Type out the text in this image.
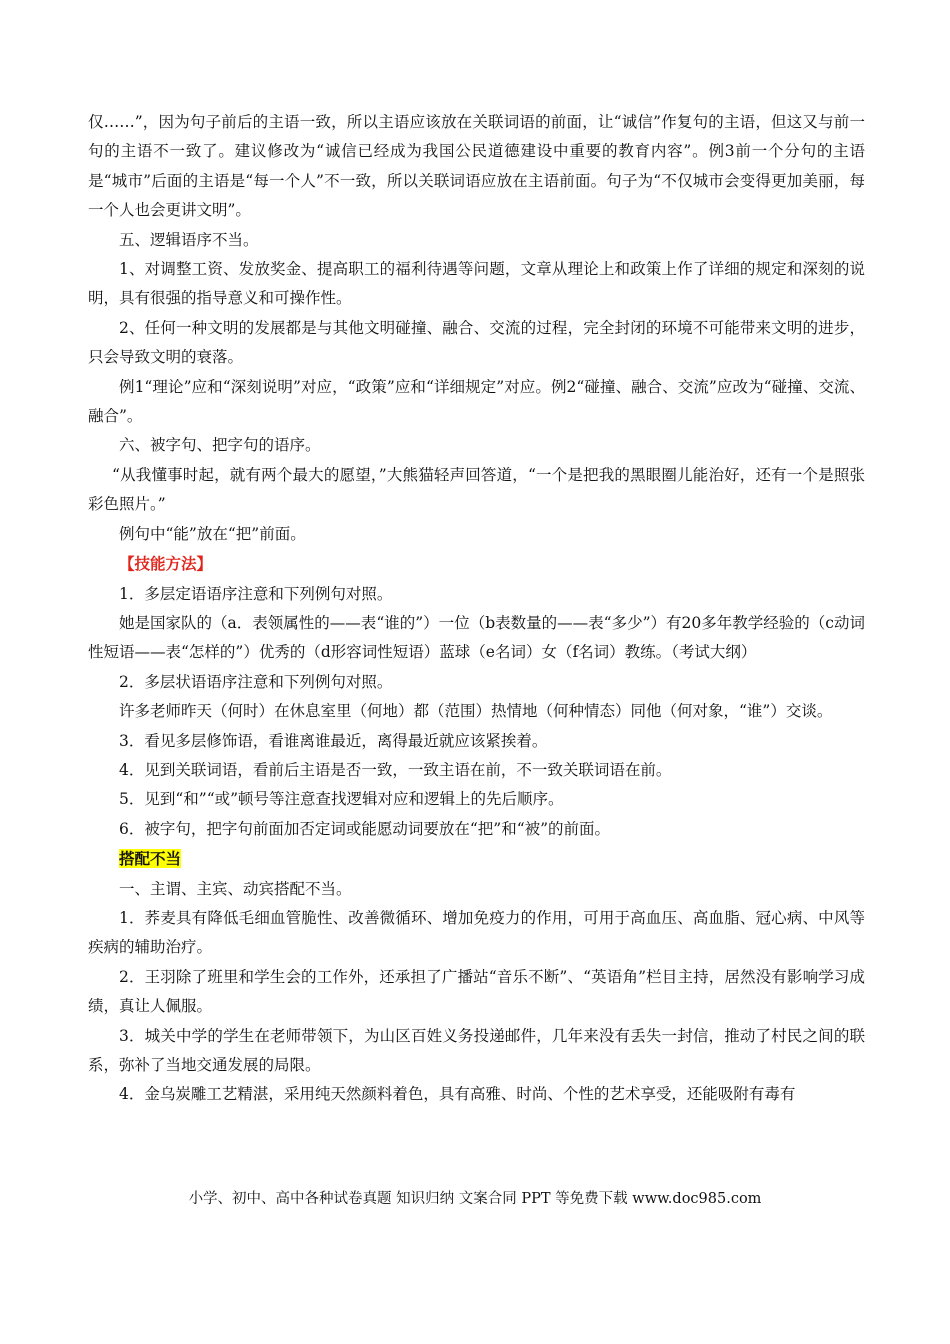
仅……”，因为句子前后的主语一致，所以主语应该放在关联词语的前面，让“诚信”作复句的主语，但这又与前一句的主语不一致了。建议修改为“诚信已经成为我国公民道德建设中重要的教育内容”。例3前一个分句的主语是“城市”后面的主语是“每一个人”不一致，所以关联词语应放在主语前面。句子为“不仅城市会变得更加美丽，每一个人也会更讲文明”。

五、逻辑语序不当。

1、对调整工资、发放奖金、提高职工的福利待遇等问题，文章从理论上和政策上作了详细的规定和深刻的说明，具有很强的指导意义和可操作性。

2、任何一种文明的发展都是与其他文明碰撞、融合、交流的过程，完全封闭的环境不可能带来文明的进步，只会导致文明的衰落。

例1“理论”应和“深刻说明”对应，“政策”应和“详细规定”对应。例2“碰撞、融合、交流”应改为“碰撞、交流、融合”。

六、被字句、把字句的语序。

“从我懂事时起，就有两个最大的愿望，”大熊猫轻声回答道，“一个是把我的黑眼圈儿能治好，还有一个是照张彩色照片。”

例句中“能”放在“把”前面。

【技能方法】

1．多层定语语序注意和下列例句对照。

她是国家队的（a．表领属性的——表“谁的”）一位（b表数量的——表“多少”）有20多年教学经验的（c动词性短语——表“怎样的”）优秀的（d形容词性短语）蓝球（e名词）女（f名词）教练。（考试大纲）

2．多层状语语序注意和下列例句对照。

许多老师昨天（何时）在休息室里（何地）都（范围）热情地（何种情态）同他（何对象，“谁”）交谈。

3．看见多层修饰语，看谁离谁最近，离得最近就应该紧挨着。

4．见到关联词语，看前后主语是否一致，一致主语在前，不一致关联词语在前。

5．见到“和”“或”顿号等注意查找逻辑对应和逻辑上的先后顺序。

6．被字句，把字句前面加否定词或能愿动词要放在“把”和“被”的前面。

搭配不当

一、主谓、主宾、动宾搭配不当。

1．荞麦具有降低毛细血管脆性、改善微循环、增加免疫力的作用，可用于高血压、高血脂、冠心病、中风等疾病的辅助治疗。

2．王羽除了班里和学生会的工作外，还承担了广播站“音乐不断”、“英语角”栏目主持，居然没有影响学习成绩，真让人佩服。

3．城关中学的学生在老师带领下，为山区百姓义务投递邮件，几年来没有丢失一封信，推动了村民之间的联系，弥补了当地交通发展的局限。

4．金乌炭雕工艺精湛，采用纯天然颜料着色，具有高雅、时尚、个性的艺术享受，还能吸附有毒有

小学、初中、高中各种试卷真题 知识归纳 文案合同 PPT 等免费下载 www.doc985.com
